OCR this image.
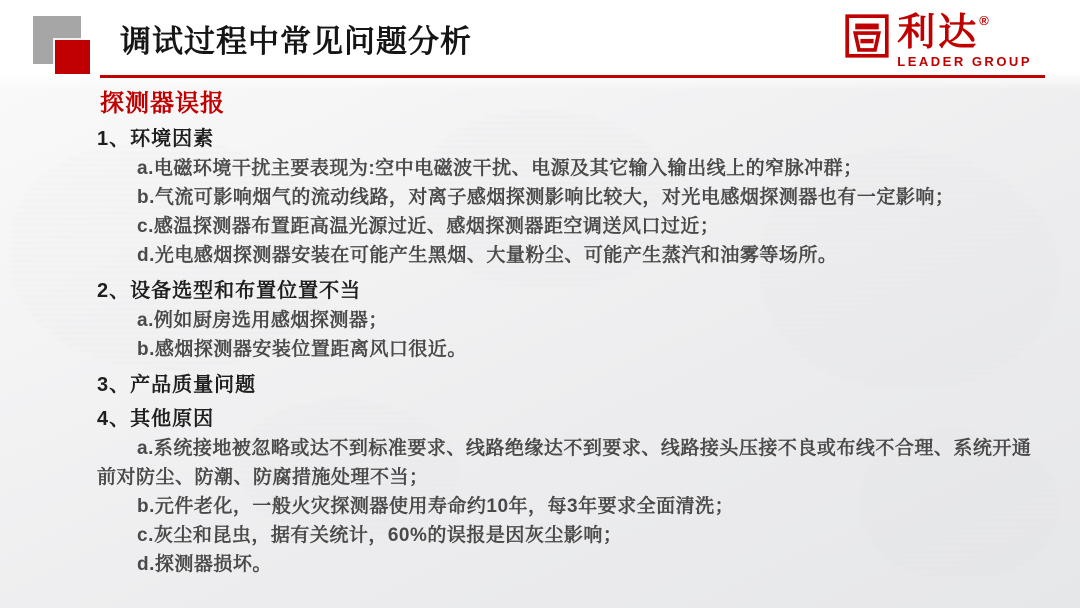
调试过程中常见问题分析	利达®
LEADER GROUP
探测器误报
1、环境因素
a.电磁环境干扰主要表现为:空中电磁波干扰、电源及其它输入输出线上的窄脉冲群；
b.气流可影响烟气的流动线路，对离子感烟探测影响比较大，对光电感烟探测器也有一定影响；
c.感温探测器布置距高温光源过近、感烟探测器距空调送风口过近；
d.光电感烟探测器安装在可能产生黑烟、大量粉尘、可能产生蒸汽和油雾等场所。
2、设备选型和布置位置不当
a.例如厨房选用感烟探测器；
b.感烟探测器安装位置距离风口很近。
3、产品质量问题
4、其他原因
a.系统接地被忽略或达不到标准要求、线路绝缘达不到要求、线路接头压接不良或布线不合理、系统开通前对防尘、防潮、防腐措施处理不当；
b.元件老化，一般火灾探测器使用寿命约10年，每3年要求全面清洗；
c.灰尘和昆虫，据有关统计，60%的误报是因灰尘影响；
d.探测器损坏。
